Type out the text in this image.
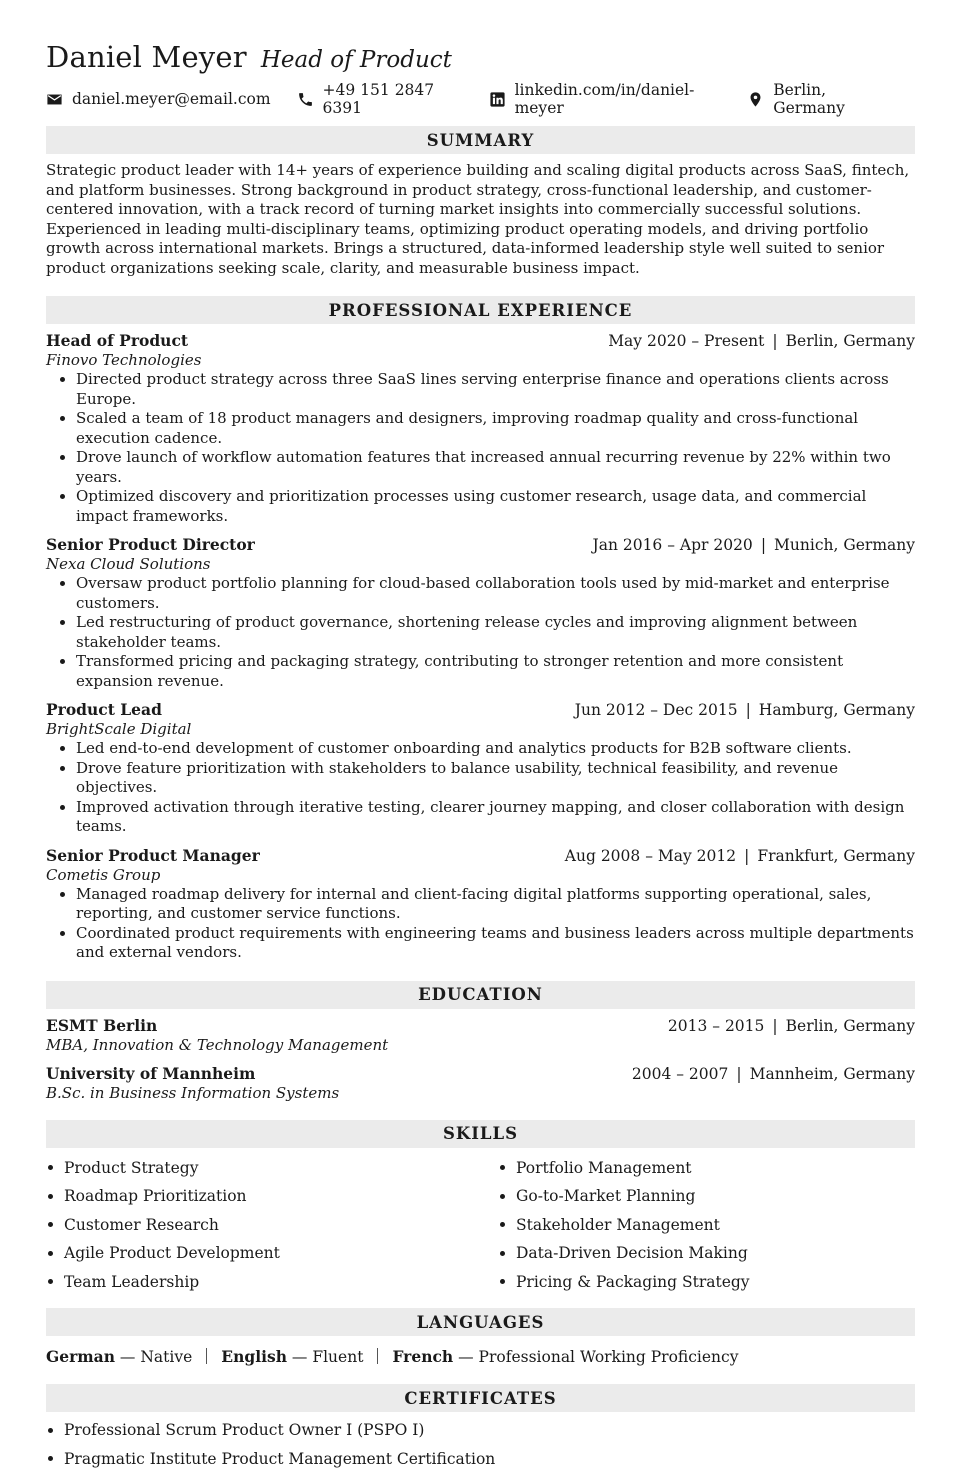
Daniel Meyer Head of Product
daniel.meyer@email.com	+49 151 2847 6391
linkedin.com/in/daniel-meyer
Berlin, Germany
SUMMARY

Strategic product leader with 14+ years of experience building and scaling digital products across SaaS, fintech, and platform businesses. Strong background in product strategy, cross-functional leadership, and customer-centered innovation, with a track record of turning market insights into commercially successful solutions. Experienced in leading multi-disciplinary teams, optimizing product operating models, and driving portfolio growth across international markets. Brings a structured, data-informed leadership style well suited to senior product organizations seeking scale, clarity, and measurable business impact.

PROFESSIONAL EXPERIENCE
Head of Product	May 2020 – Present | Berlin, Germany
Finovo Technologies
• Directed product strategy across three SaaS lines serving enterprise finance and operations clients across Europe.
• Scaled a team of 18 product managers and designers, improving roadmap quality and cross-functional execution cadence.
• Drove launch of workflow automation features that increased annual recurring revenue by 22% within two years.
• Optimized discovery and prioritization processes using customer research, usage data, and commercial impact frameworks.
Senior Product Director	Jan 2016 – Apr 2020 | Munich, Germany
Nexa Cloud Solutions
• Oversaw product portfolio planning for cloud-based collaboration tools used by mid-market and enterprise customers.
• Led restructuring of product governance, shortening release cycles and improving alignment between stakeholder teams.
• Transformed pricing and packaging strategy, contributing to stronger retention and more consistent expansion revenue.
Product Lead	Jun 2012 – Dec 2015 | Hamburg, Germany
BrightScale Digital
• Led end-to-end development of customer onboarding and analytics products for B2B software clients.
• Drove feature prioritization with stakeholders to balance usability, technical feasibility, and revenue objectives.
• Improved activation through iterative testing, clearer journey mapping, and closer collaboration with design teams.
Senior Product Manager	Aug 2008 – May 2012 | Frankfurt, Germany
Cometis Group
• Managed roadmap delivery for internal and client-facing digital platforms supporting operational, sales, reporting, and customer service functions.
• Coordinated product requirements with engineering teams and business leaders across multiple departments and external vendors.
EDUCATION
ESMT Berlin	2013 – 2015 | Berlin, Germany
MBA, Innovation & Technology Management
University of Mannheim	2004 – 2007 | Mannheim, Germany
B.Sc. in Business Information Systems
SKILLS
Product Strategy	Portfolio Management
Roadmap Prioritization	Go-to-Market Planning
Customer Research	Stakeholder Management
Agile Product Development	Data-Driven Decision Making
Team Leadership	Pricing & Packaging Strategy
LANGUAGES
German — Native English — Fluent French — Professional Working Proficiency
CERTIFICATES
Professional Scrum Product Owner I (PSPO I)
Pragmatic Institute Product Management Certification
